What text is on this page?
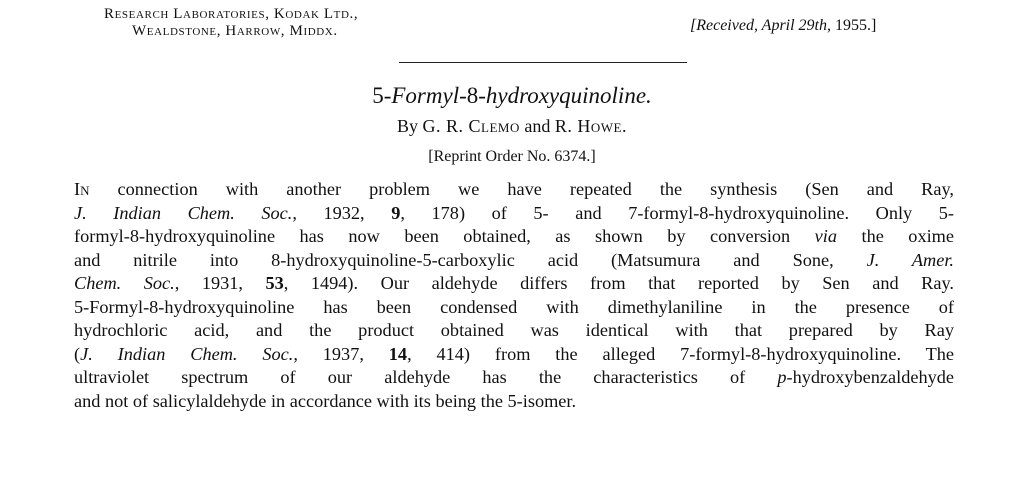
Research Laboratories, Kodak Ltd.,
Wealdstone, Harrow, Middx.	[Received, April 29th, 1955.]
5-Formyl-8-hydroxyquinoline.
By G. R. Clemo and R. Howe.
[Reprint Order No. 6374.]
In connection with another problem we have repeated the synthesis (Sen and Ray,
J. Indian Chem. Soc., 1932, 9, 178) of 5- and 7-formyl-8-hydroxyquinoline. Only 5-
formyl-8-hydroxyquinoline has now been obtained, as shown by conversion via the oxime
and nitrile into 8-hydroxyquinoline-5-carboxylic acid (Matsumura and Sone, J. Amer.
Chem. Soc., 1931, 53, 1494). Our aldehyde differs from that reported by Sen and Ray.
5-Formyl-8-hydroxyquinoline has been condensed with dimethylaniline in the presence of
hydrochloric acid, and the product obtained was identical with that prepared by Ray
(J. Indian Chem. Soc., 1937, 14, 414) from the alleged 7-formyl-8-hydroxyquinoline. The
ultraviolet spectrum of our aldehyde has the characteristics of p-hydroxybenzaldehyde
and not of salicylaldehyde in accordance with its being the 5-isomer.
